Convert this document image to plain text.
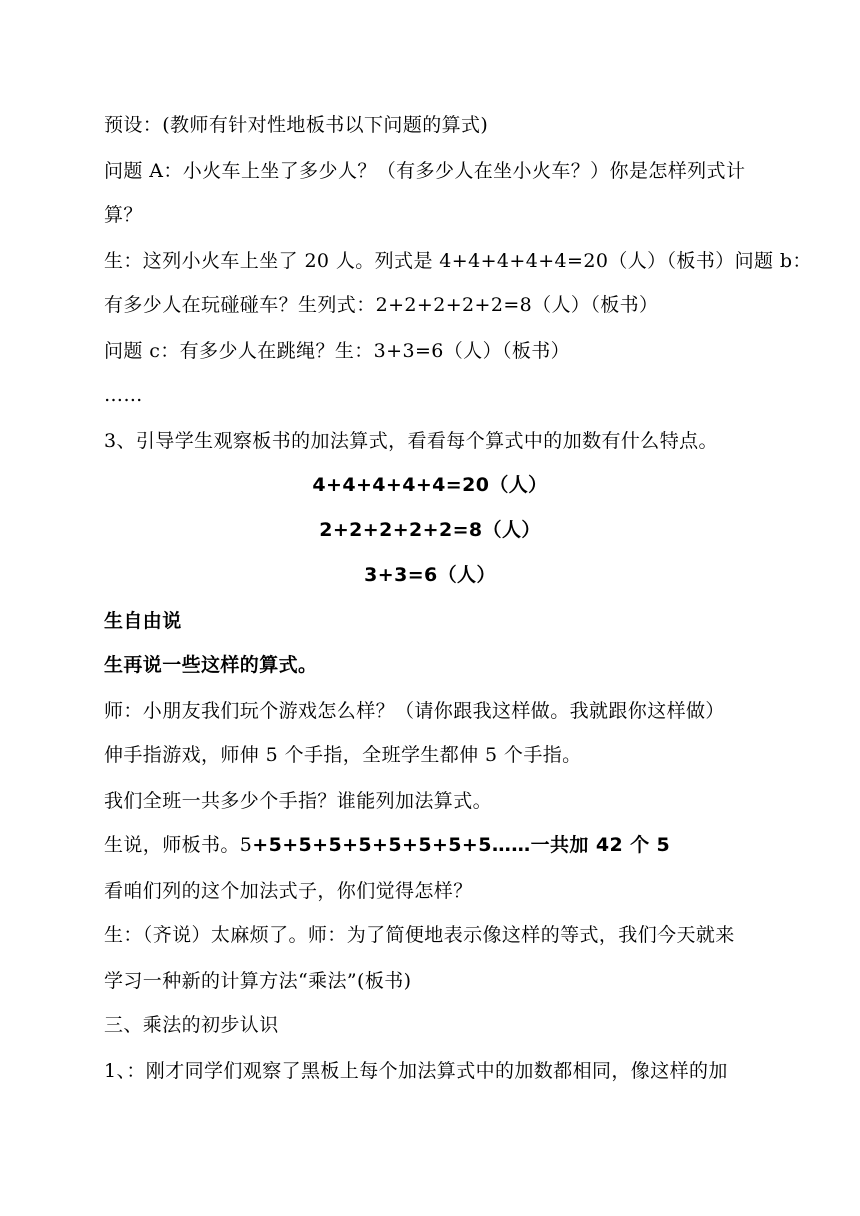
预设：(教师有针对性地板书以下问题的算式)
问题 A：小火车上坐了多少人？（有多少人在坐小火车？）你是怎样列式计
算？
生：这列小火车上坐了 20 人。列式是 4+4+4+4+4=20（人）（板书）问题 b：
有多少人在玩碰碰车？生列式：2+2+2+2+2=8（人）（板书）
问题 c：有多少人在跳绳？生：3+3=6（人）（板书）
……
3、引导学生观察板书的加法算式，看看每个算式中的加数有什么特点。
4+4+4+4+4=20（人）
2+2+2+2+2=8（人）
3+3=6（人）
生自由说
生再说一些这样的算式。
师：小朋友我们玩个游戏怎么样？（请你跟我这样做。我就跟你这样做）
伸手指游戏，师伸 5 个手指，全班学生都伸 5 个手指。
我们全班一共多少个手指？谁能列加法算式。
生说，师板书。5+5+5+5+5+5+5+5+5……一共加 42 个 5
看咱们列的这个加法式子，你们觉得怎样？
生：（齐说）太麻烦了。师：为了简便地表示像这样的等式，我们今天就来
学习一种新的计算方法“乘法”(板书)
三、乘法的初步认识
1、：刚才同学们观察了黑板上每个加法算式中的加数都相同，像这样的加
